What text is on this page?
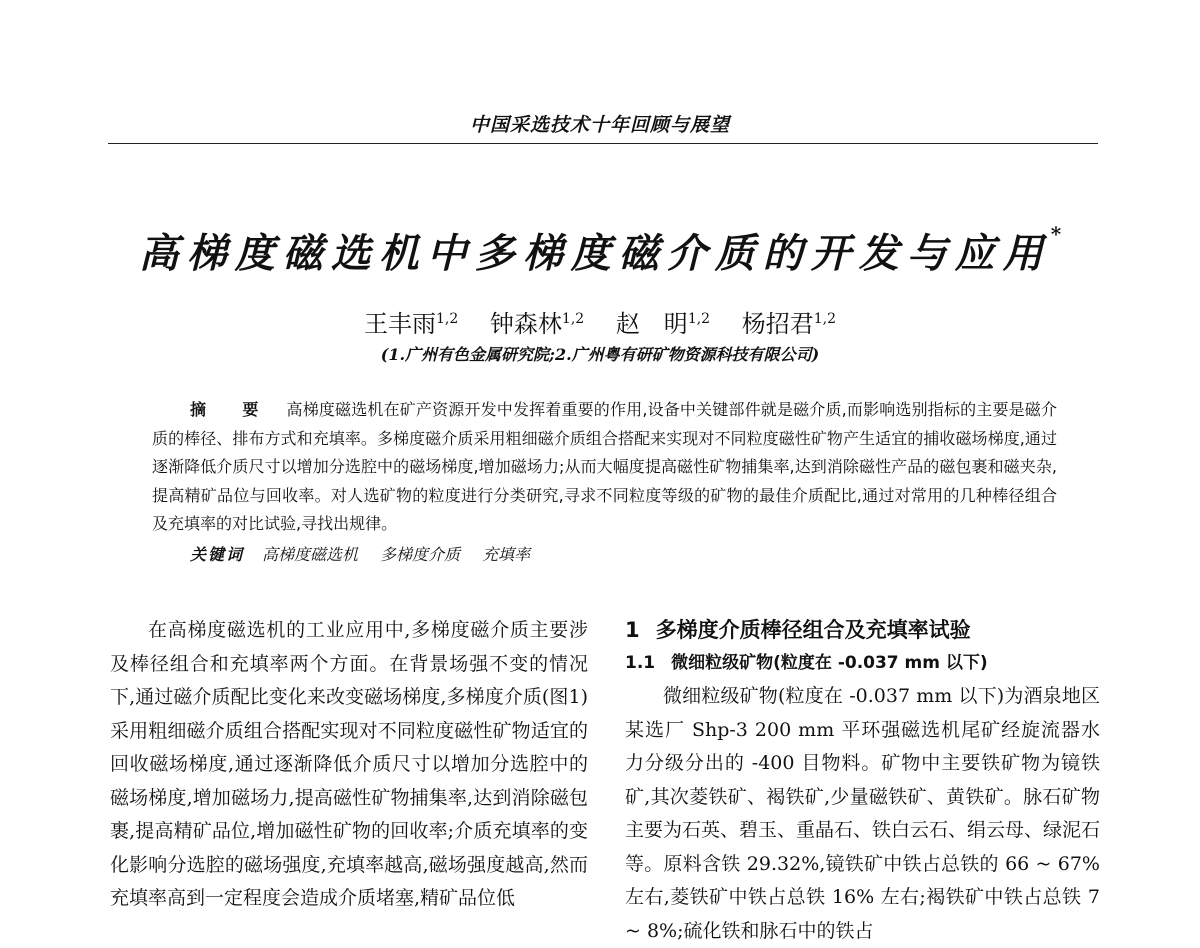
中国采选技术十年回顾与展望
高梯度磁选机中多梯度磁介质的开发与应用*
王丰雨$^{1,2}$ 钟森林$^{1,2}$ 赵　明$^{1,2}$ 杨招君$^{1,2}$
(1.广州有色金属研究院;2.广州粤有研矿物资源科技有限公司)
摘　要 高梯度磁选机在矿产资源开发中发挥着重要的作用,设备中关键部件就是磁介质,而影响选别指标的主要是磁介质的棒径、排布方式和充填率。多梯度磁介质采用粗细磁介质组合搭配来实现对不同粒度磁性矿物产生适宜的捕收磁场梯度,通过逐渐降低介质尺寸以增加分选腔中的磁场梯度,增加磁场力;从而大幅度提高磁性矿物捕集率,达到消除磁性产品的磁包裹和磁夹杂,提高精矿品位与回收率。对人选矿物的粒度进行分类研究,寻求不同粒度等级的矿物的最佳介质配比,通过对常用的几种棒径组合及充填率的对比试验,寻找出规律。
关键词 高梯度磁选机 多梯度介质 充填率

在高梯度磁选机的工业应用中,多梯度磁介质主要涉及棒径组合和充填率两个方面。在背景场强不变的情况下,通过磁介质配比变化来改变磁场梯度,多梯度介质(图1)采用粗细磁介质组合搭配实现对不同粒度磁性矿物适宜的回收磁场梯度,通过逐渐降低介质尺寸以增加分选腔中的磁场梯度,增加磁场力,提高磁性矿物捕集率,达到消除磁包裹,提高精矿品位,增加磁性矿物的回收率;介质充填率的变化影响分选腔的磁场强度,充填率越高,磁场强度越高,然而充填率高到一定程度会造成介质堵塞,精矿品位低

1 多梯度介质棒径组合及充填率试验

1.1 微细粒级矿物(粒度在 -0.037 mm 以下)

微细粒级矿物(粒度在 -0.037 mm 以下)为酒泉地区某选厂 Shp-3 200 mm 平环强磁选机尾矿经旋流器水力分级分出的 -400 目物料。矿物中主要铁矿物为镜铁矿,其次菱铁矿、褐铁矿,少量磁铁矿、黄铁矿。脉石矿物主要为石英、碧玉、重晶石、铁白云石、绢云母、绿泥石等。原料含铁 29.32%,镜铁矿中铁占总铁的 66 ~ 67% 左右,菱铁矿中铁占总铁 16% 左右;褐铁矿中铁占总铁 7 ~ 8%;硫化铁和脉石中的铁占
